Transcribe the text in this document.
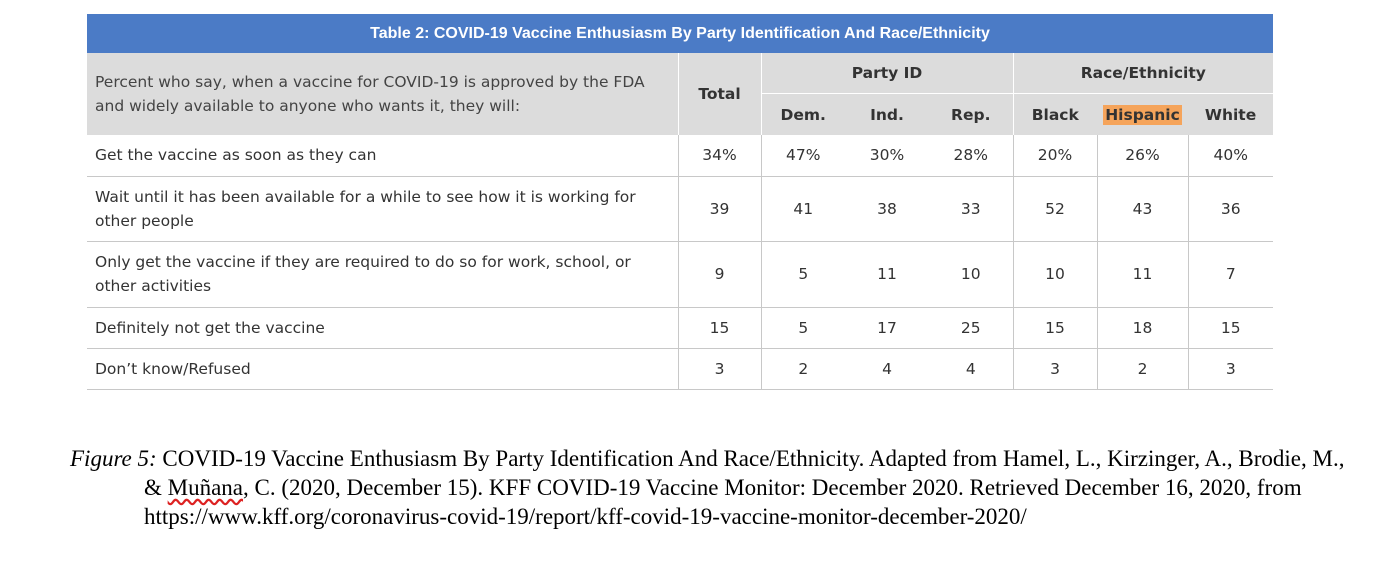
Table 2: COVID-19 Vaccine Enthusiasm By Party Identification And Race/Ethnicity
Percent who say, when a vaccine for COVID-19 is approved by the FDA and widely available to anyone who wants it, they will:	Total	Party ID			Race/Ethnicity		
		Dem.	Ind.	Rep.	Black	Hispanic	White
Get the vaccine as soon as they can	34%	47%	30%	28%	20%	26%	40%
Wait until it has been available for a while to see how it is working for other people	39	41	38	33	52	43	36
Only get the vaccine if they are required to do so for work, school, or other activities	9	5	11	10	10	11	7
Definitely not get the vaccine	15	5	17	25	15	18	15
Don’t know/Refused	3	2	4	4	3	2	3
Figure 5: COVID-19 Vaccine Enthusiasm By Party Identification And Race/Ethnicity. Adapted from Hamel, L., Kirzinger, A., Brodie, M., & Muñana, C. (2020, December 15). KFF COVID-19 Vaccine Monitor: December 2020. Retrieved December 16, 2020, from https://www.kff.org/coronavirus-covid-19/report/kff-covid-19-vaccine-monitor-december-2020/
